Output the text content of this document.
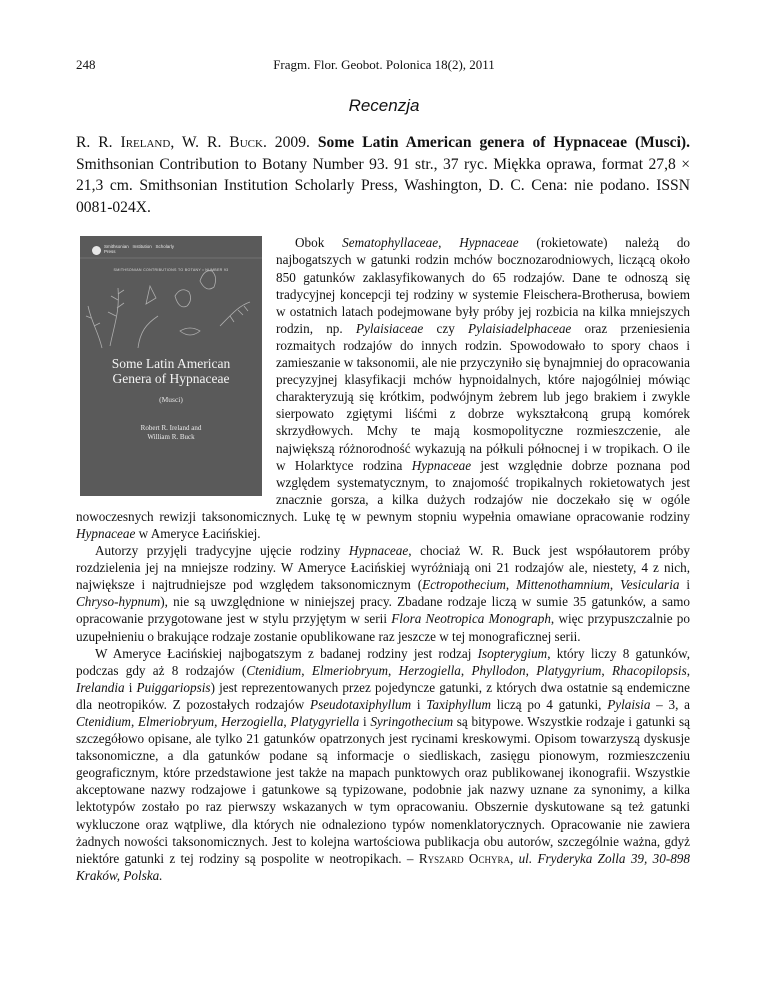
248	Fragm. Flor. Geobot. Polonica 18(2), 2011
Recenzja
R. R. Ireland, W. R. Buck. 2009. Some Latin American genera of Hypnaceae (Musci). Smithsonian Contribution to Botany Number 93. 91 str., 37 ryc. Miękka oprawa, format 27,8 × 21,3 cm. Smithsonian Institution Scholarly Press, Washington, D. C. Cena: nie podano. ISSN 0081-024X.
Smithsonian Institution Scholarly Press
SMITHSONIAN CONTRIBUTIONS TO BOTANY • NUMBER 93
Some Latin American Genera of Hypnaceae
(Musci)
Robert R. Ireland and William R. Buck

Obok Sematophyllaceae, Hypnaceae (rokietowate) należą do najbogatszych w gatunki rodzin mchów bocznozarodniowych, liczącą około 850 gatunków zaklasyfikowanych do 65 rodzajów. Dane te odnoszą się tradycyjnej koncepcji tej rodziny w systemie Fleischera-Brotherusa, bowiem w ostatnich latach podejmowane były próby jej rozbicia na kilka mniejszych rodzin, np. Pylaisiaceae czy Pylaisiadelphaceae oraz przeniesienia rozmaitych rodzajów do innych rodzin. Spowodowało to spory chaos i zamieszanie w taksonomii, ale nie przyczyniło się bynajmniej do opracowania precyzyjnej klasyfikacji mchów hypnoidalnych, które najogólniej mówiąc charakteryzują się krótkim, podwójnym żebrem lub jego brakiem i zwykle sierpowato zgiętymi liśćmi z dobrze wykształconą grupą komórek skrzydłowych. Mchy te mają kosmopolityczne rozmieszczenie, ale największą różnorodność wykazują na półkuli północnej i w tropikach. O ile w Holarktyce rodzina Hypnaceae jest względnie dobrze poznana pod względem systematycznym, to znajomość tropikalnych rokietowatych jest znacznie gorsza, a kilka dużych rodzajów nie doczekało się w ogóle nowoczesnych rewizji taksonomicznych. Lukę tę w pewnym stopniu wypełnia omawiane opracowanie rodziny Hypnaceae w Ameryce Łacińskiej.

Autorzy przyjęli tradycyjne ujęcie rodziny Hypnaceae, chociaż W. R. Buck jest współautorem próby rozdzielenia jej na mniejsze rodziny. W Ameryce Łacińskiej wyróżniają oni 21 rodzajów ale, niestety, 4 z nich, największe i najtrudniejsze pod względem taksonomicznym (Ectropothecium, Mittenothamnium, Vesicularia i Chryso-hypnum), nie są uwzględnione w niniejszej pracy. Zbadane rodzaje liczą w sumie 35 gatunków, a samo opracowanie przygotowane jest w stylu przyjętym w serii Flora Neotropica Monograph, więc przypuszczalnie po uzupełnieniu o brakujące rodzaje zostanie opublikowane raz jeszcze w tej monograficznej serii.

W Ameryce Łacińskiej najbogatszym z badanej rodziny jest rodzaj Isopterygium, który liczy 8 gatunków, podczas gdy aż 8 rodzajów (Ctenidium, Elmeriobryum, Herzogiella, Phyllodon, Platygyrium, Rhacopilopsis, Irelandia i Puiggariopsis) jest reprezentowanych przez pojedyncze gatunki, z których dwa ostatnie są endemiczne dla neotropików. Z pozostałych rodzajów Pseudotaxiphyllum i Taxiphyllum liczą po 4 gatunki, Pylaisia – 3, a Ctenidium, Elmeriobryum, Herzogiella, Platygyriella i Syringothecium są bitypowe. Wszystkie rodzaje i gatunki są szczegółowo opisane, ale tylko 21 gatunków opatrzonych jest rycinami kreskowymi. Opisom towarzyszą dyskusje taksonomiczne, a dla gatunków podane są informacje o siedliskach, zasięgu pionowym, rozmieszczeniu geograficznym, które przedstawione jest także na mapach punktowych oraz publikowanej ikonografii. Wszystkie akceptowane nazwy rodzajowe i gatunkowe są typizowane, podobnie jak nazwy uznane za synonimy, a kilka lektotypów zostało po raz pierwszy wskazanych w tym opracowaniu. Obszernie dyskutowane są też gatunki wykluczone oraz wątpliwe, dla których nie odnaleziono typów nomenklatorycznych. Opracowanie nie zawiera żadnych nowości taksonomicznych. Jest to kolejna wartościowa publikacja obu autorów, szczególnie ważna, gdyż niektóre gatunki z tej rodziny są pospolite w neotropikach. – Ryszard Ochyra, ul. Fryderyka Zolla 39, 30-898 Kraków, Polska.
